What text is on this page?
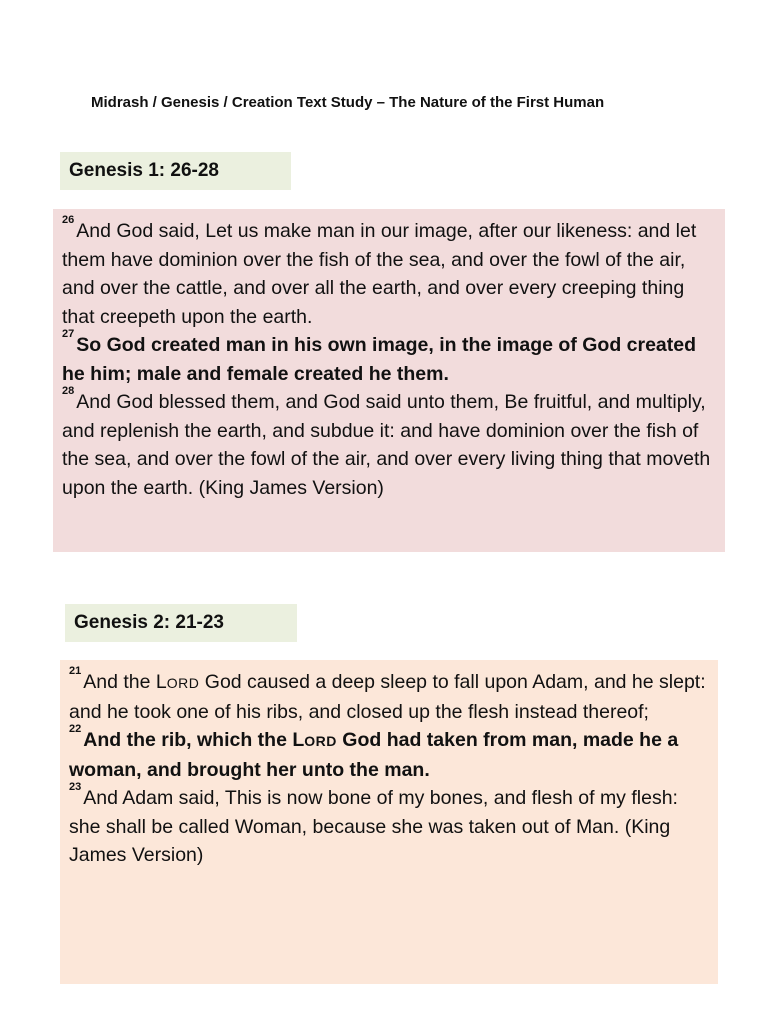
Midrash / Genesis / Creation Text Study – The Nature of the First Human
Genesis 1: 26-28

$^{26}$ And God said, Let us make man in our image, after our likeness: and let them have dominion over the fish of the sea, and over the fowl of the air, and over the cattle, and over all the earth, and over every creeping thing that creepeth upon the earth.

$^{27}$ So God created man in his own image, in the image of God created he him; male and female created he them.

$^{28}$ And God blessed them, and God said unto them, Be fruitful, and multiply, and replenish the earth, and subdue it: and have dominion over the fish of the sea, and over the fowl of the air, and over every living thing that moveth upon the earth. (King James Version)

Genesis 2: 21-23

$^{21}$ And the LORD God caused a deep sleep to fall upon Adam, and he slept: and he took one of his ribs, and closed up the flesh instead thereof;

$^{22}$ And the rib, which the LORD God had taken from man, made he a woman, and brought her unto the man.

$^{23}$ And Adam said, This is now bone of my bones, and flesh of my flesh: she shall be called Woman, because she was taken out of Man. (King James Version)
